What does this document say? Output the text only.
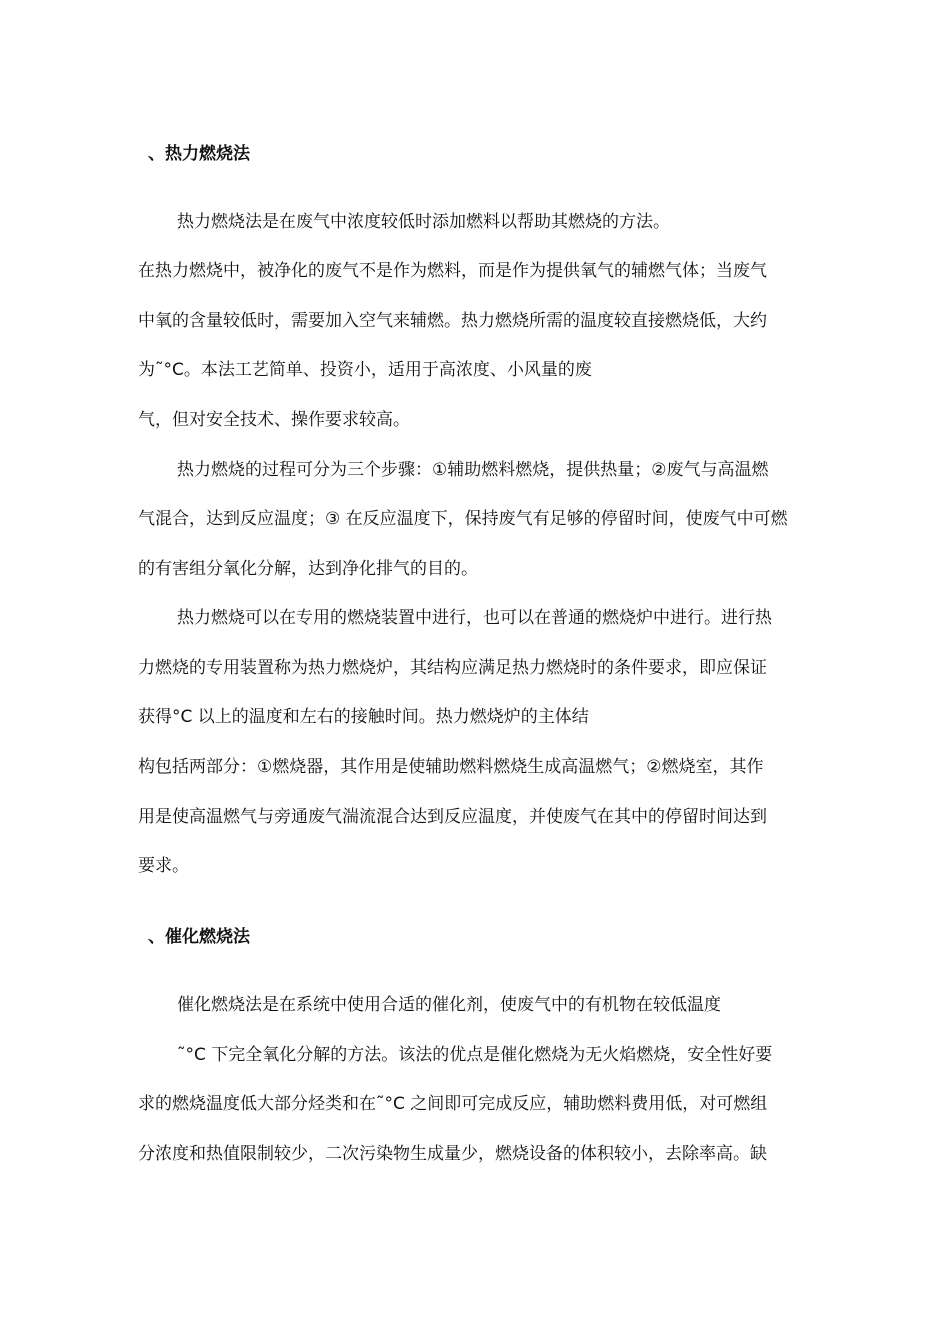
、热力燃烧法

热力燃烧法是在废气中浓度较低时添加燃料以帮助其燃烧的方法。

在热力燃烧中，被净化的废气不是作为燃料，而是作为提供氧气的辅燃气体；当废气

中氧的含量较低时，需要加入空气来辅燃。热力燃烧所需的温度较直接燃烧低，大约

为˜°C。本法工艺简单、投资小，适用于高浓度、小风量的废

气，但对安全技术、操作要求较高。

热力燃烧的过程可分为三个步骤：①辅助燃料燃烧，提供热量；②废气与高温燃

气混合，达到反应温度；③ 在反应温度下，保持废气有足够的停留时间，使废气中可燃

的有害组分氧化分解，达到净化排气的目的。

热力燃烧可以在专用的燃烧装置中进行，也可以在普通的燃烧炉中进行。进行热

力燃烧的专用装置称为热力燃烧炉，其结构应满足热力燃烧时的条件要求，即应保证

获得°C 以上的温度和左右的接触时间。热力燃烧炉的主体结

构包括两部分：①燃烧器，其作用是使辅助燃料燃烧生成高温燃气；②燃烧室，其作

用是使高温燃气与旁通废气湍流混合达到反应温度，并使废气在其中的停留时间达到

要求。

、催化燃烧法

催化燃烧法是在系统中使用合适的催化剂，使废气中的有机物在较低温度

˜°C 下完全氧化分解的方法。该法的优点是催化燃烧为无火焰燃烧，安全性好要

求的燃烧温度低大部分烃类和在˜°C 之间即可完成反应，辅助燃料费用低，对可燃组

分浓度和热值限制较少，二次污染物生成量少，燃烧设备的体积较小，去除率高。缺
